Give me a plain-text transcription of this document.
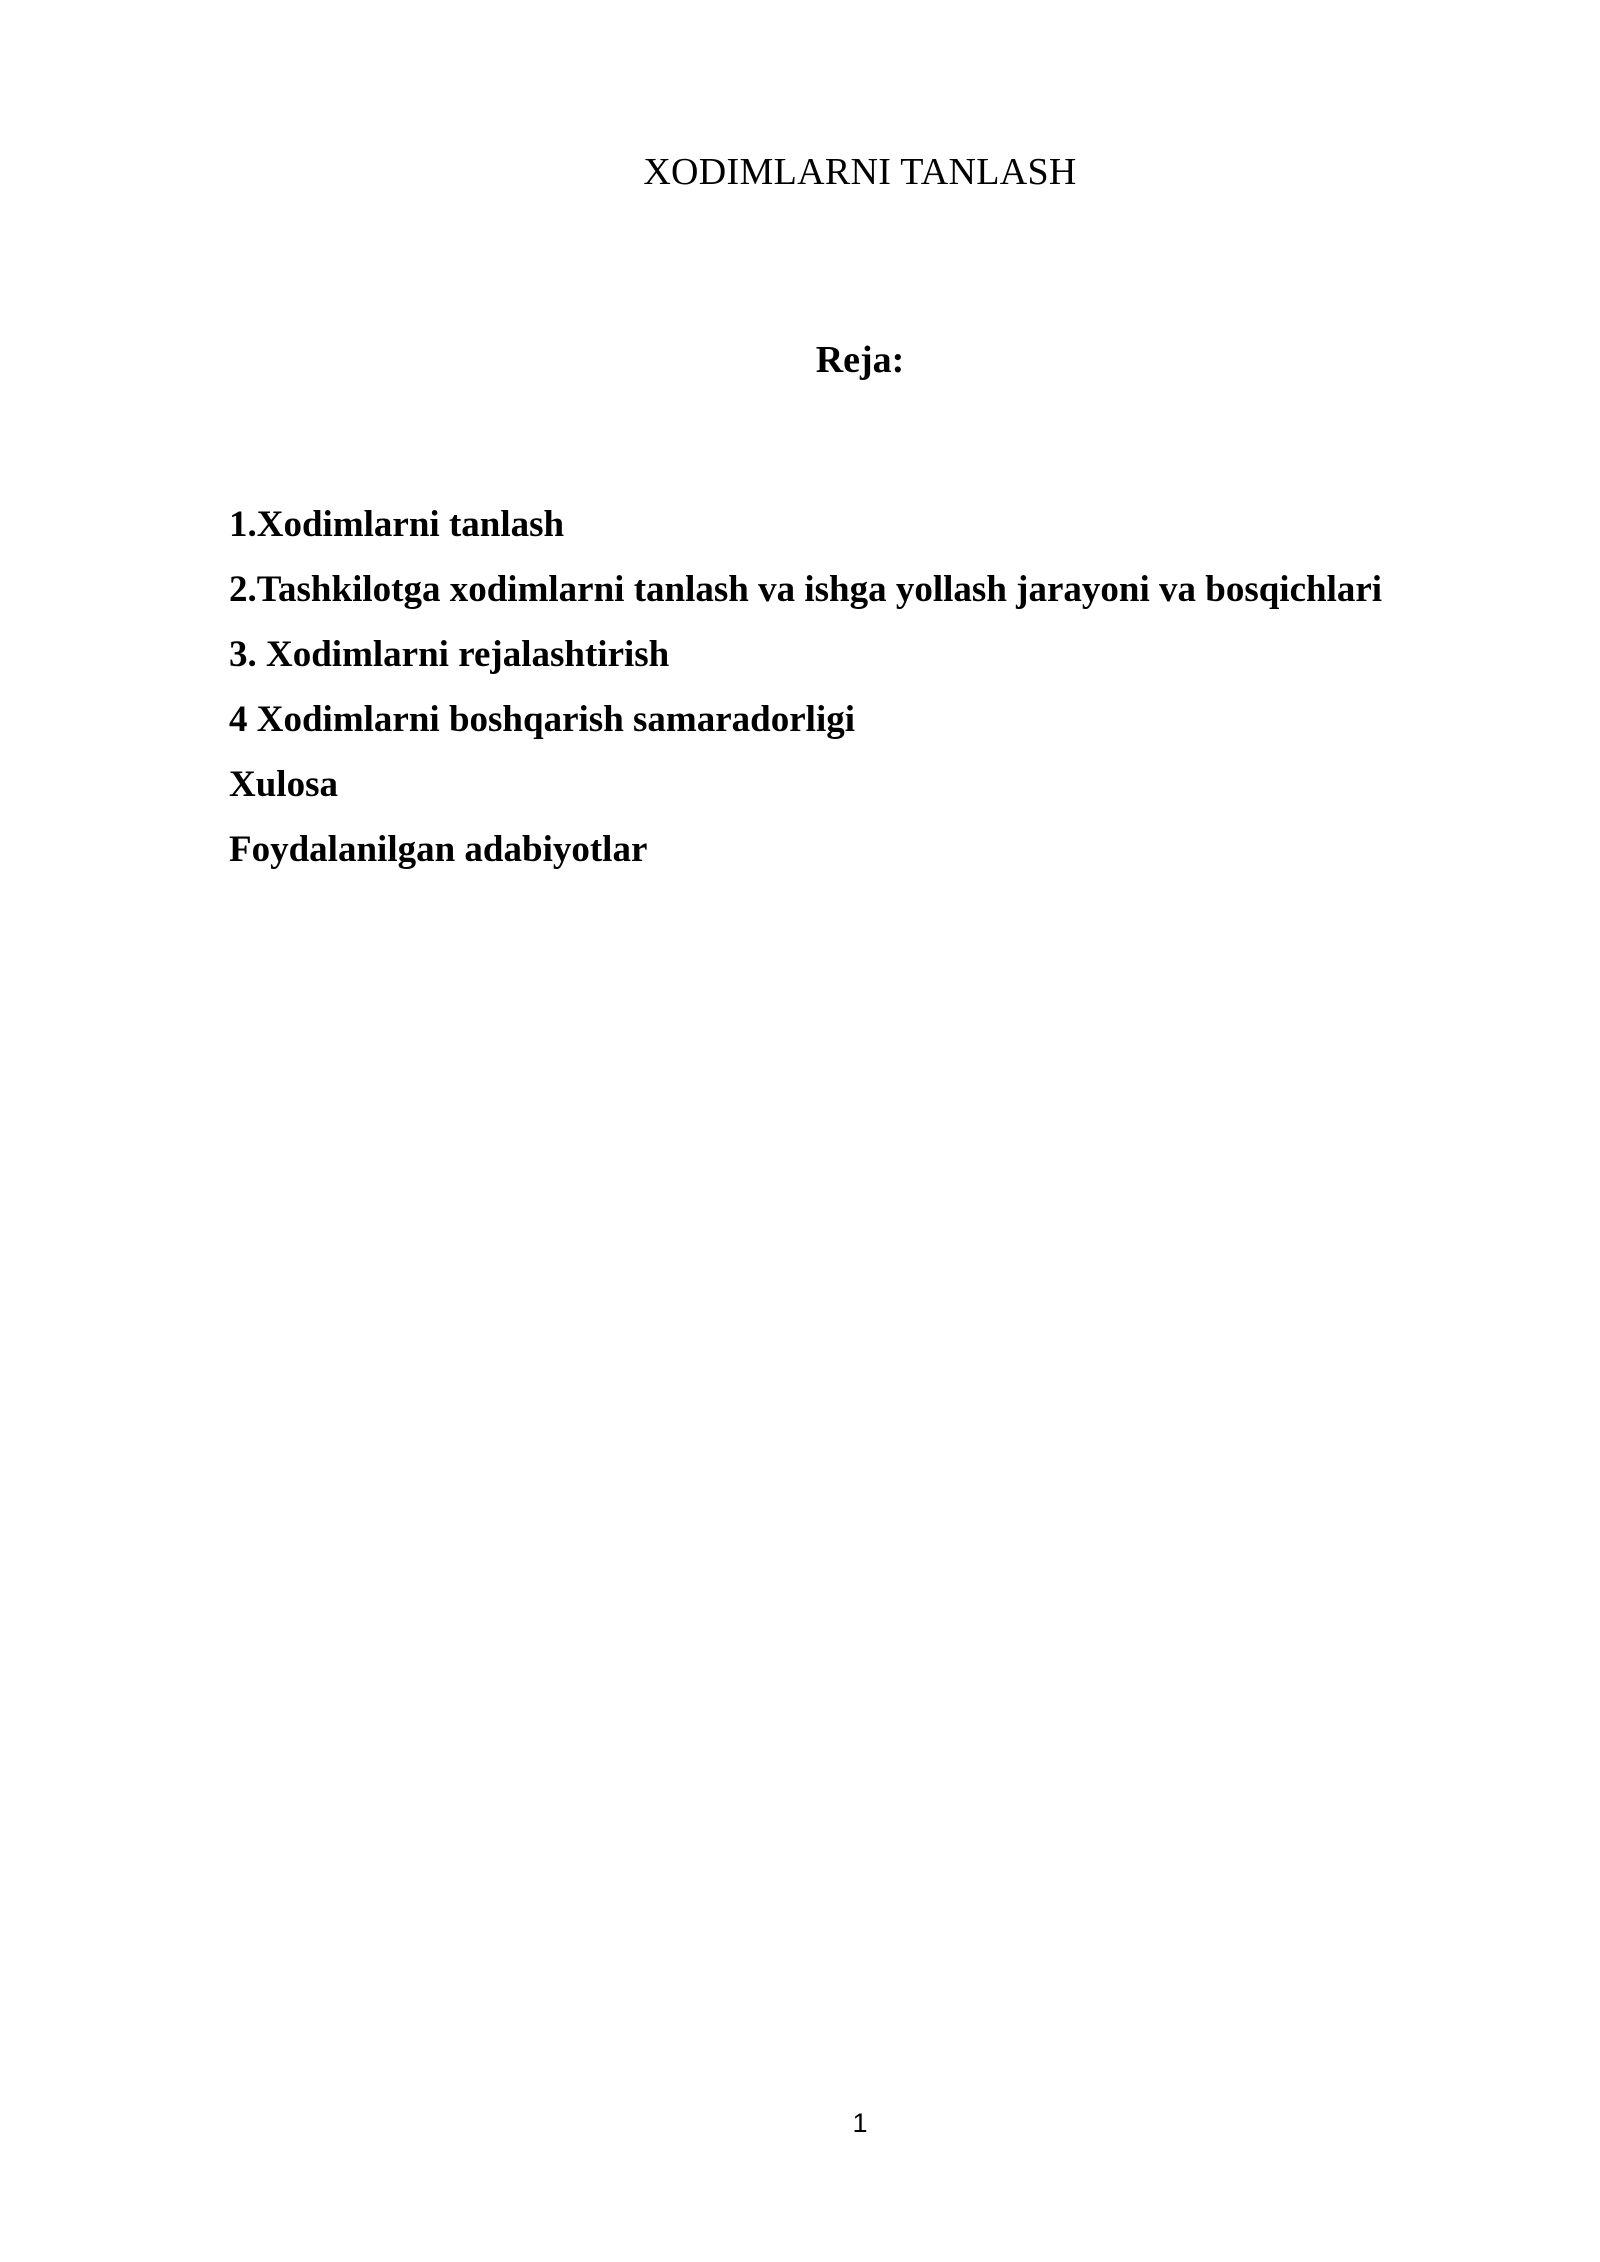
XODIMLARNI TANLASH
Reja:
1.Xodimlarni tanlash
2.Tashkilotga xodimlarni tanlash va ishga yollash jarayoni va bosqichlari
3. Xodimlarni rejalashtirish
4 Xodimlarni boshqarish samaradorligi
Xulosa
Foydalanilgan adabiyotlar
1
